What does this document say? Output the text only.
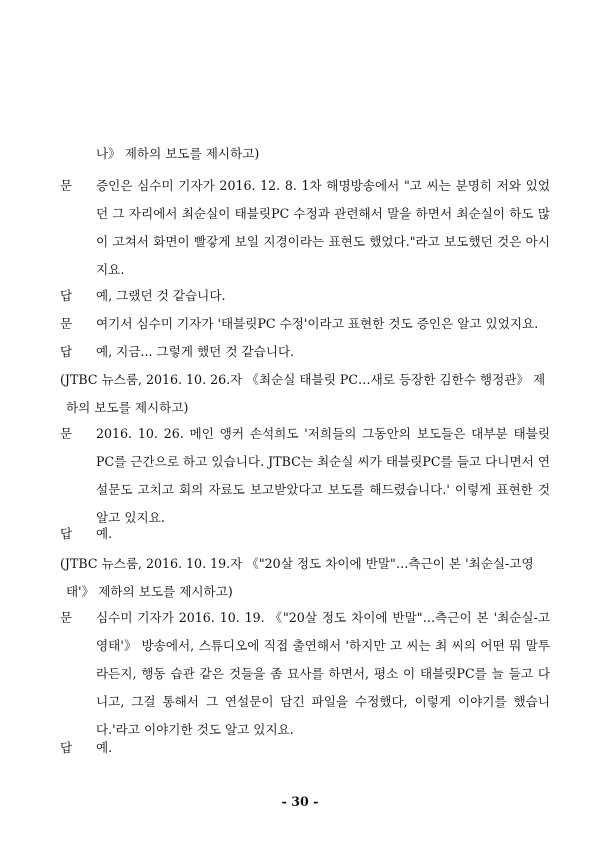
나》 제하의 보도를 제시하고)
문	증인은 심수미 기자가 2016. 12. 8. 1차 해명방송에서 "고 씨는 분명히 저와 있었던 그 자리에서 최순실이 태블릿PC 수정과 관련해서 말을 하면서 최순실이 하도 많이 고쳐서 화면이 빨갛게 보일 지경이라는 표현도 했었다."라고 보도했던 것은 아시지요.
답	예, 그랬던 것 같습니다.
문	여기서 심수미 기자가 '태블릿PC 수정'이라고 표현한 것도 증인은 알고 있었지요.
답	예, 지금... 그렇게 했던 것 같습니다.
(JTBC 뉴스룸, 2016. 10. 26.자 《최순실 태블릿 PC…새로 등장한 김한수 행정관》 제하의 보도를 제시하고)
문	2016. 10. 26. 메인 앵커 손석희도 '저희들의 그동안의 보도들은 대부분 태블릿PC를 근간으로 하고 있습니다. JTBC는 최순실 씨가 태블릿PC를 들고 다니면서 연설문도 고치고 회의 자료도 보고받았다고 보도를 해드렸습니다.' 이렇게 표현한 것 알고 있지요.
답	예.
(JTBC 뉴스룸, 2016. 10. 19.자 《"20살 정도 차이에 반말"…측근이 본 '최순실-고영태'》 제하의 보도를 제시하고)
문	심수미 기자가 2016. 10. 19. 《"20살 정도 차이에 반말"…측근이 본 '최순실-고영태'》 방송에서, 스튜디오에 직접 출연해서 '하지만 고 씨는 최 씨의 어떤 뭐 말투라든지, 행동 습관 같은 것들을 좀 묘사를 하면서, 평소 이 태블릿PC를 늘 들고 다니고, 그걸 통해서 그 연설문이 담긴 파일을 수정했다, 이렇게 이야기를 했습니다.'라고 이야기한 것도 알고 있지요.
답	예.
- 30 -
